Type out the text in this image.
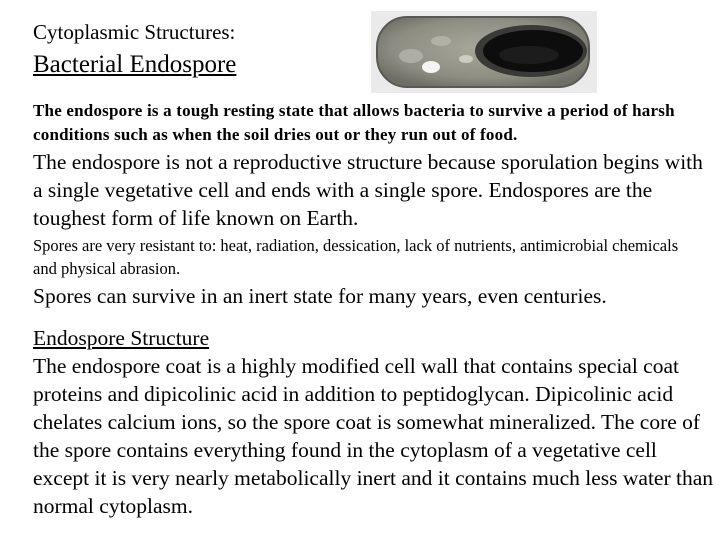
Cytoplasmic Structures:
Bacterial Endospore

The endospore is a tough resting state that allows bacteria to survive a period of harsh conditions such as when the soil dries out or they run out of food.

The endospore is not a reproductive structure because sporulation begins with a single vegetative cell and ends with a single spore. Endospores are the toughest form of life known on Earth.

Spores are very resistant to: heat, radiation, dessication, lack of nutrients, antimicrobial chemicals and physical abrasion.

Spores can survive in an inert state for many years, even centuries.

Endospore Structure

The endospore coat is a highly modified cell wall that contains special coat proteins and dipicolinic acid in addition to peptidoglycan. Dipicolinic acid chelates calcium ions, so the spore coat is somewhat mineralized. The core of the spore contains everything found in the cytoplasm of a vegetative cell except it is very nearly metabolically inert and it contains much less water than normal cytoplasm.
